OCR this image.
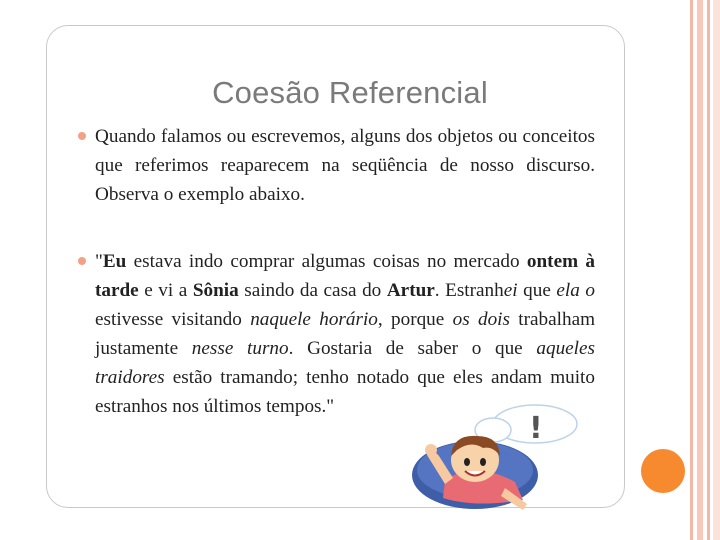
Coesão Referencial
Quando falamos ou escrevemos, alguns dos objetos ou conceitos que referimos reaparecem na seqüência de nosso discurso. Observa o exemplo abaixo.
"Eu estava indo comprar algumas coisas no mercado ontem à tarde e vi a Sônia saindo da casa do Artur. Estranhei que ela o estivesse visitando naquele horário, porque os dois trabalham justamente nesse turno. Gostaria de saber o que aqueles traidores estão tramando; tenho notado que eles andam muito estranhos nos últimos tempos."
!
